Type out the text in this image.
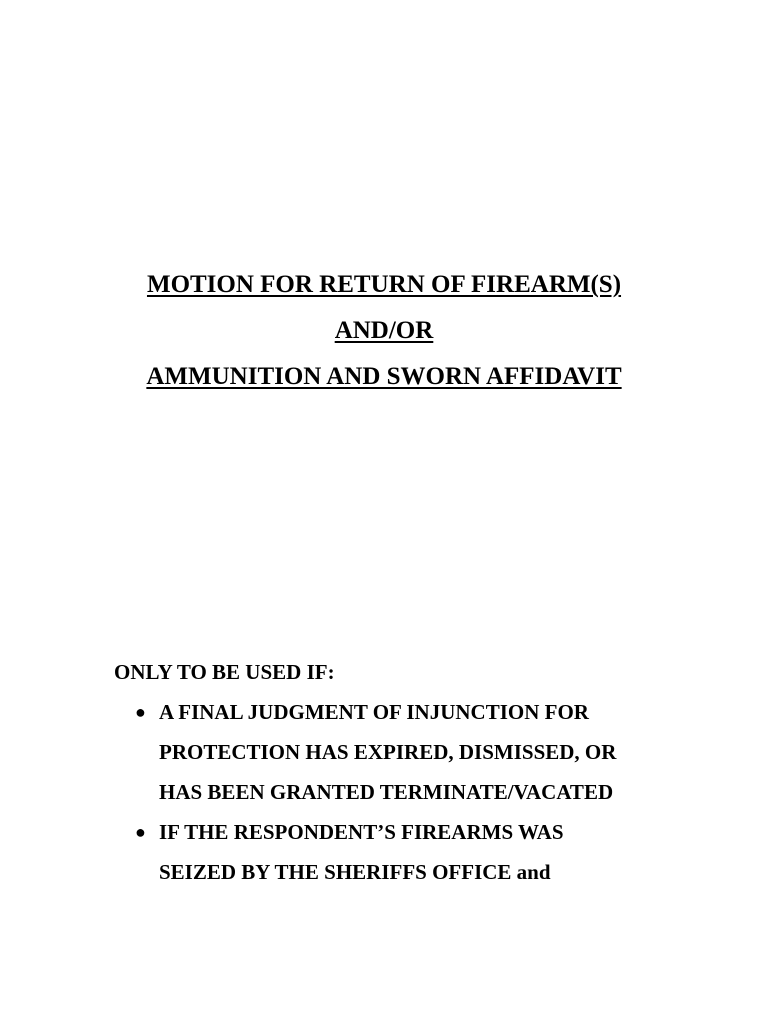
MOTION FOR RETURN OF FIREARM(S)
AND/OR
AMMUNITION AND SWORN AFFIDAVIT
ONLY TO BE USED IF:
● A FINAL JUDGMENT OF INJUNCTION FOR
PROTECTION HAS EXPIRED, DISMISSED, OR
HAS BEEN GRANTED TERMINATE/VACATED
● IF THE RESPONDENT’S FIREARMS WAS
SEIZED BY THE SHERIFFS OFFICE and
